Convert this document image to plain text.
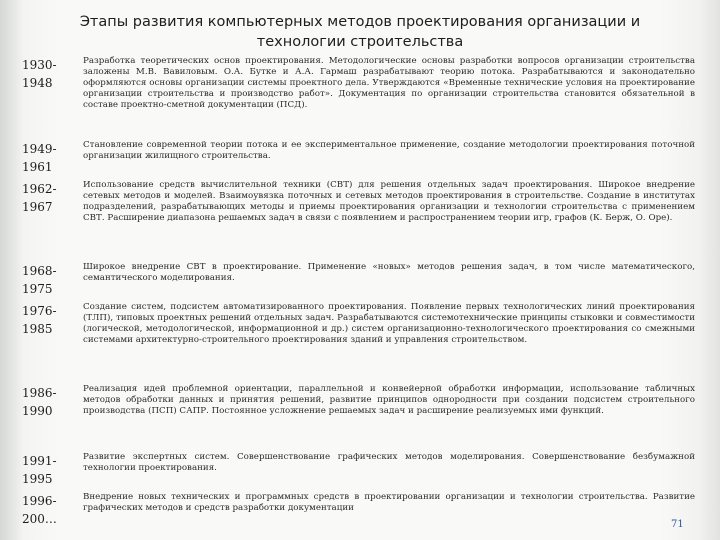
Этапы развития компьютерных методов проектирования организации и технологии строительства
1930-1948
Разработка теоретических основ проектирования. Методологические основы разработки вопросов организации строительства заложены М.В. Вавиловым. О.А. Бутке и А.А. Гармаш разрабатывают теорию потока. Разрабатываются и законодательно оформляются основы организации системы проектного дела. Утверждаются «Временные технические условия на проектирование организации строительства и производство работ». Документация по организации строительства становится обязательной в составе проектно-сметной документации (ПСД).
1949-1961
Становление современной теории потока и ее экспериментальное применение, создание методологии проектирования поточной организации жилищного строительства.
1962-1967
Использование средств вычислительной техники (СВТ) для решения отдельных задач проектирования. Широкое внедрение сетевых методов и моделей. Взаимоувязка поточных и сетевых методов проектирования в строительстве. Создание в институтах подразделений, разрабатывающих методы и приемы проектирования организации и технологии строительства с применением СВТ. Расширение диапазона решаемых задач в связи с появлением и распространением теории игр, графов (К. Берж, О. Оре).
1968-1975
Широкое внедрение СВТ в проектирование. Применение «новых» методов решения задач, в том числе математического, семантического моделирования.
1976-1985
Создание систем, подсистем автоматизированного проектирования. Появление первых технологических линий проектирования (ТЛП), типовых проектных решений отдельных задач. Разрабатываются системотехнические принципы стыковки и совместимости (логической, методологической, информационной и др.) систем организационно-технологического проектирования со смежными системами архитектурно-строительного проектирования зданий и управления строительством.
1986-1990
Реализация идей проблемной ориентации, параллельной и конвейерной обработки информации, использование табличных методов обработки данных и принятия решений, развитие принципов однородности при создании подсистем строительного производства (ПСП) САПР. Постоянное усложнение решаемых задач и расширение реализуемых ими функций.
1991-1995
Развитие экспертных систем. Совершенствование графических методов моделирования. Совершенствование безбумажной технологии проектирования.
1996-200…
Внедрение новых технических и программных средств в проектировании организации и технологии строительства. Развитие графических методов и средств разработки документации
71
